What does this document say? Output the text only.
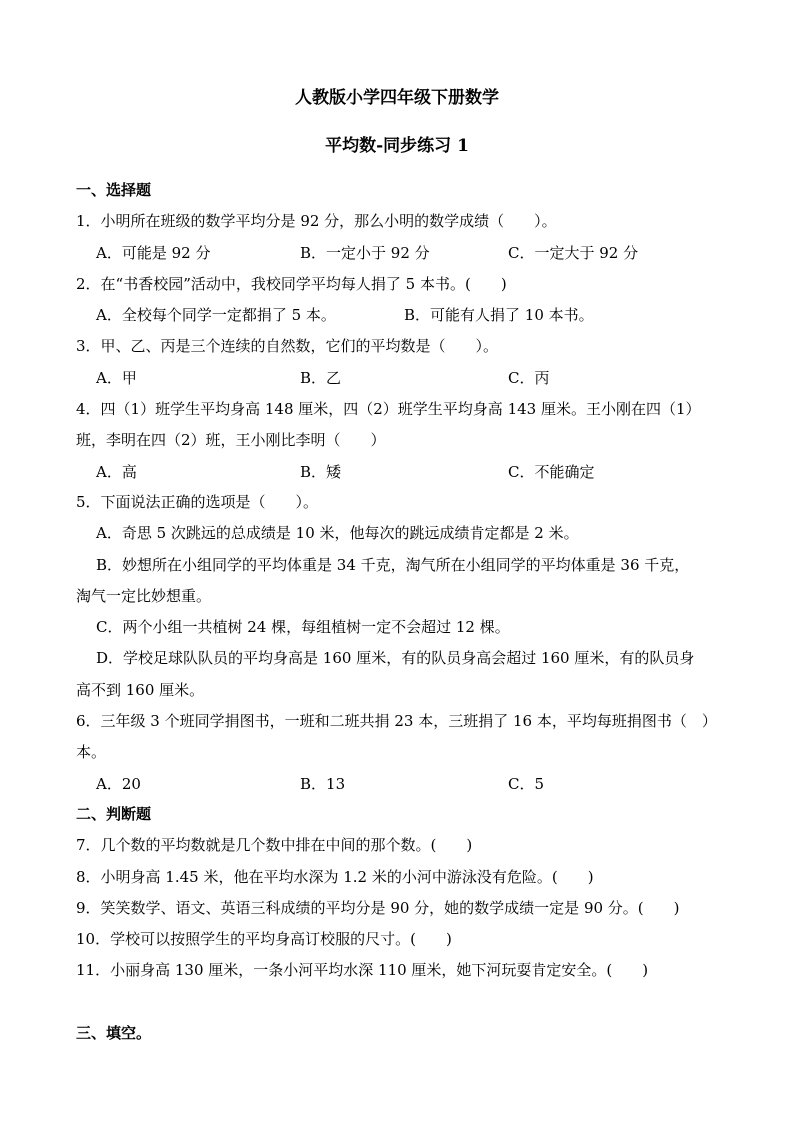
人教版小学四年级下册数学
平均数-同步练习 1
一、选择题
1．小明所在班级的数学平均分是 92 分，那么小明的数学成绩（　　）。
A．可能是 92 分	B．一定小于 92 分	C．一定大于 92 分
2．在“书香校园”活动中，我校同学平均每人捐了 5 本书。(　　)
A．全校每个同学一定都捐了 5 本。	B．可能有人捐了 10 本书。
3．甲、乙、丙是三个连续的自然数，它们的平均数是（　　）。
A．甲	B．乙	C．丙
4．四（1）班学生平均身高 148 厘米，四（2）班学生平均身高 143 厘米。王小刚在四（1）
班，李明在四（2）班，王小刚比李明（　　）
A．高	B．矮	C．不能确定
5．下面说法正确的选项是（　　）。
A．奇思 5 次跳远的总成绩是 10 米，他每次的跳远成绩肯定都是 2 米。
B．妙想所在小组同学的平均体重是 34 千克，淘气所在小组同学的平均体重是 36 千克，
淘气一定比妙想重。
C．两个小组一共植树 24 棵，每组植树一定不会超过 12 棵。
D．学校足球队队员的平均身高是 160 厘米，有的队员身高会超过 160 厘米，有的队员身
高不到 160 厘米。
6．三年级 3 个班同学捐图书，一班和二班共捐 23 本，三班捐了 16 本，平均每班捐图书（　）
本。
A．20	B．13	C．5
二、判断题
7．几个数的平均数就是几个数中排在中间的那个数。(　　)
8．小明身高 1.45 米，他在平均水深为 1.2 米的小河中游泳没有危险。(　　)
9．笑笑数学、语文、英语三科成绩的平均分是 90 分，她的数学成绩一定是 90 分。(　　)
10．学校可以按照学生的平均身高订校服的尺寸。(　　)
11．小丽身高 130 厘米，一条小河平均水深 110 厘米，她下河玩耍肯定安全。(　　)
三、填空。
